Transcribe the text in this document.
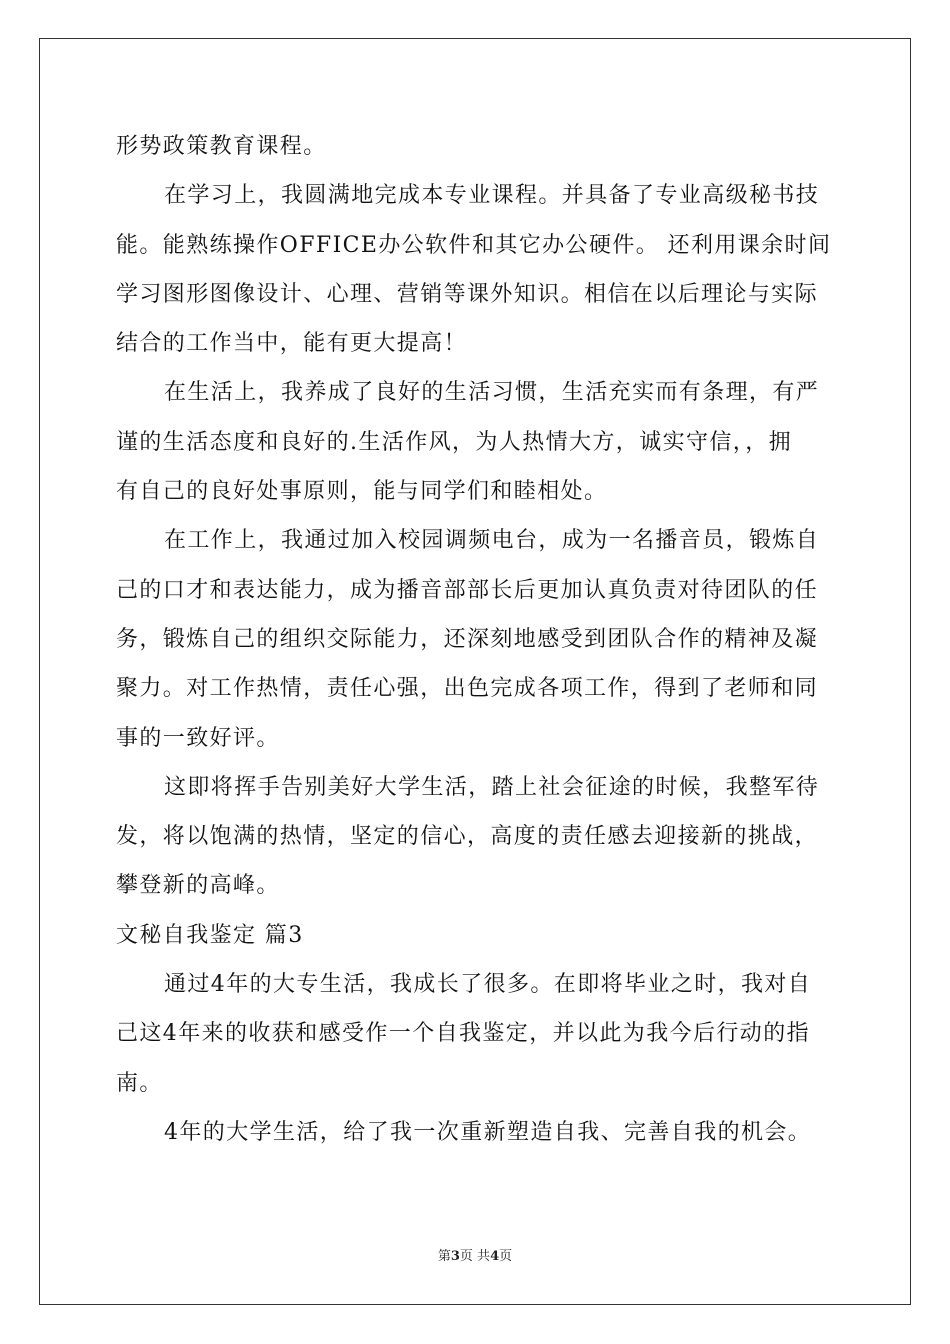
形势政策教育课程。
在学习上，我圆满地完成本专业课程。并具备了专业高级秘书技
能。能熟练操作OFFICE办公软件和其它办公硬件。 还利用课余时间
学习图形图像设计、心理、营销等课外知识。相信在以后理论与实际
结合的工作当中，能有更大提高！
在生活上，我养成了良好的生活习惯，生活充实而有条理，有严
谨的生活态度和良好的.生活作风，为人热情大方，诚实守信，，拥
有自己的良好处事原则，能与同学们和睦相处。
在工作上，我通过加入校园调频电台，成为一名播音员，锻炼自
己的口才和表达能力，成为播音部部长后更加认真负责对待团队的任
务，锻炼自己的组织交际能力，还深刻地感受到团队合作的精神及凝
聚力。对工作热情，责任心强，出色完成各项工作，得到了老师和同
事的一致好评。
这即将挥手告别美好大学生活，踏上社会征途的时候，我整军待
发，将以饱满的热情，坚定的信心，高度的责任感去迎接新的挑战，
攀登新的高峰。
文秘自我鉴定 篇3
通过4年的大专生活，我成长了很多。在即将毕业之时，我对自
己这4年来的收获和感受作一个自我鉴定，并以此为我今后行动的指
南。
4年的大学生活，给了我一次重新塑造自我、完善自我的机会。
第3页 共4页
